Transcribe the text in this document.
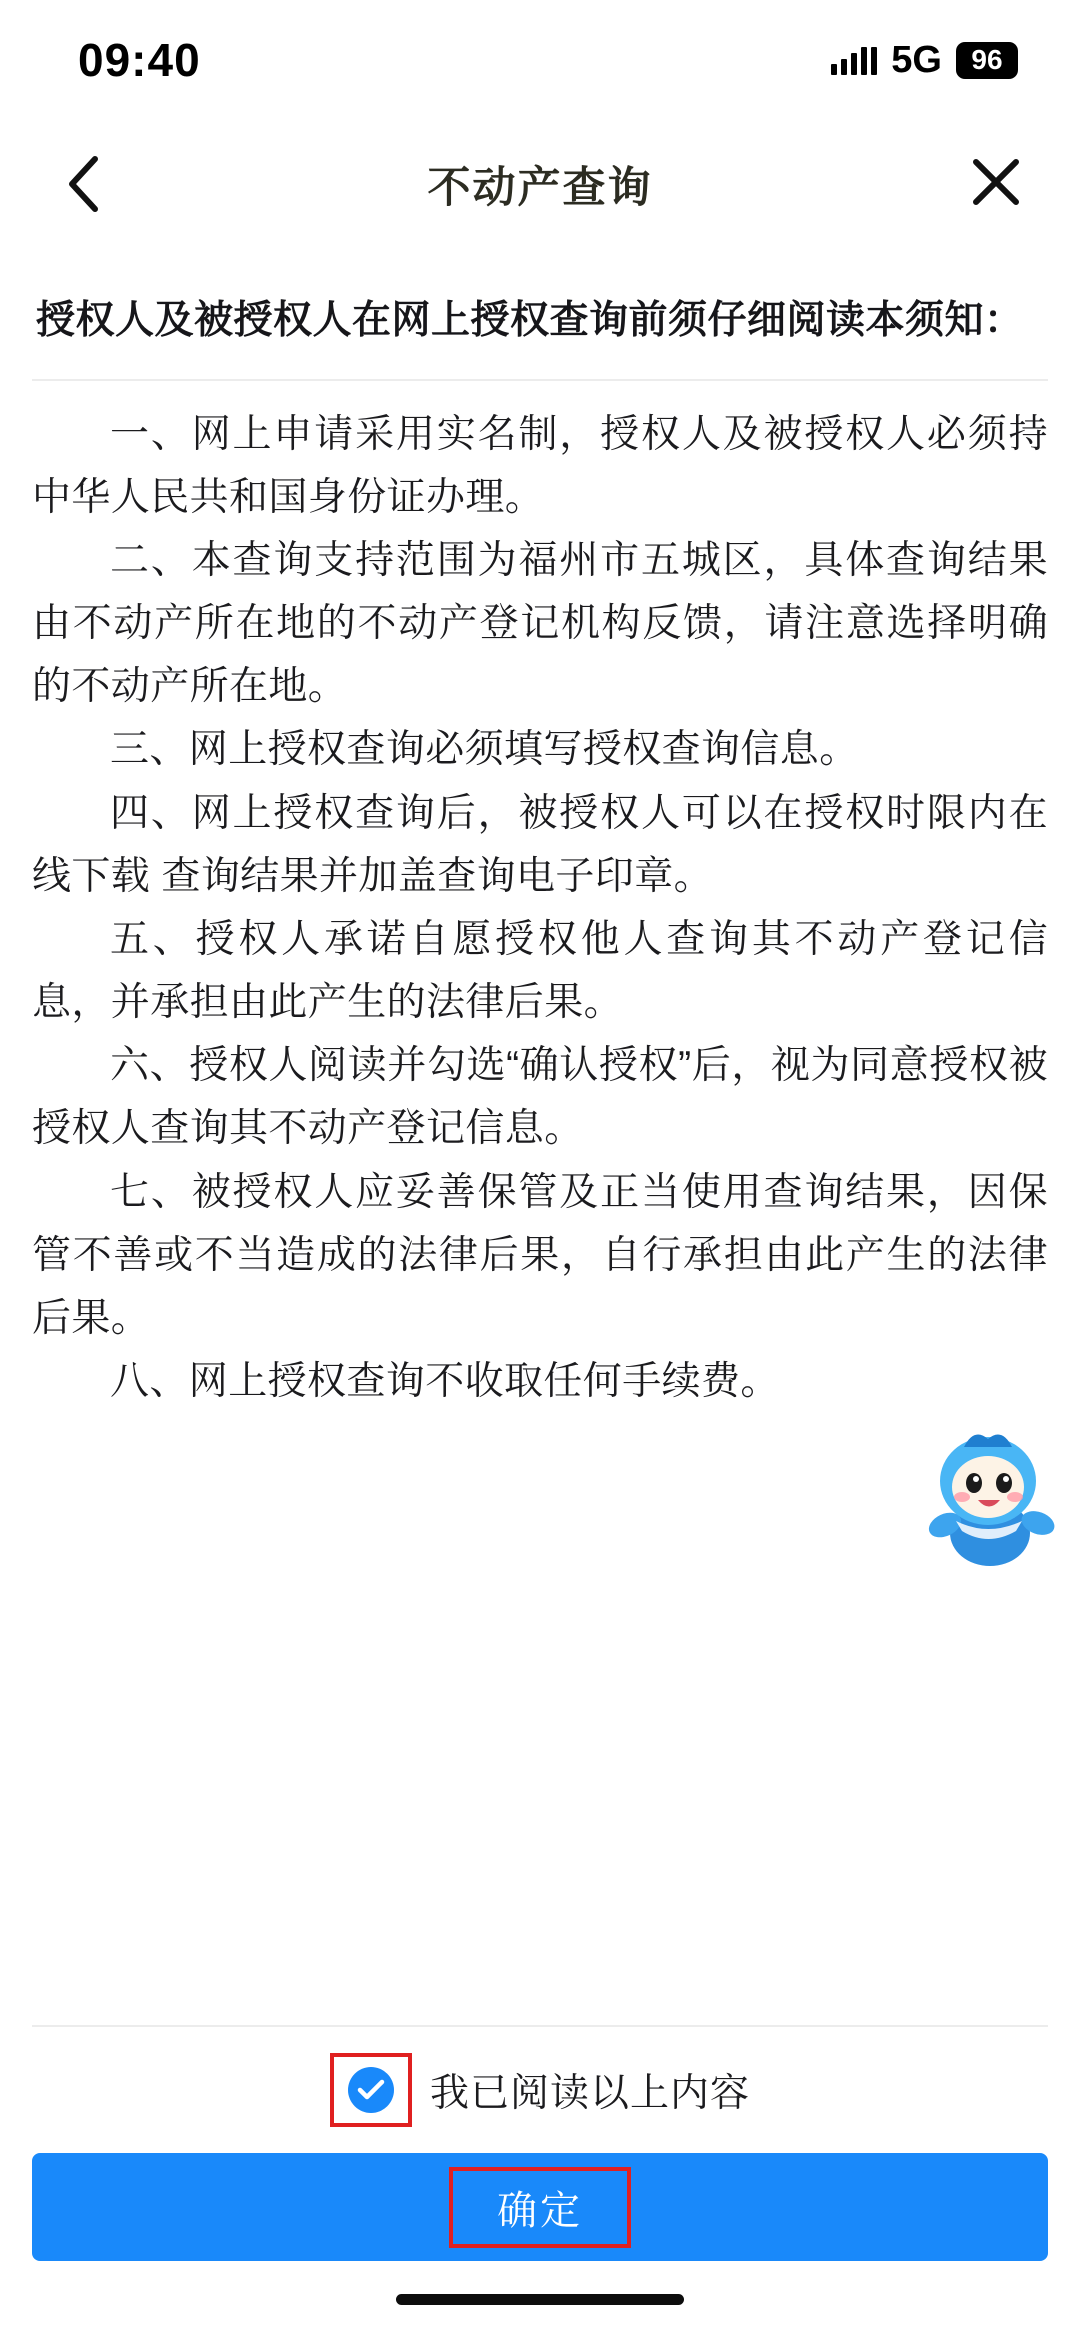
09:40	5G	96
不动产查询
授权人及被授权人在网上授权查询前须仔细阅读本须知：

一、网上申请采用实名制，授权人及被授权人必须持中华人民共和国身份证办理。

二、本查询支持范围为福州市五城区，具体查询结果由不动产所在地的不动产登记机构反馈，请注意选择明确的不动产所在地。

三、网上授权查询必须填写授权查询信息。

四、网上授权查询后，被授权人可以在授权时限内在线下载 查询结果并加盖查询电子印章。

五、授权人承诺自愿授权他人查询其不动产登记信息，并承担由此产生的法律后果。

六、授权人阅读并勾选“确认授权”后，视为同意授权被授权人查询其不动产登记信息。

七、被授权人应妥善保管及正当使用查询结果，因保管不善或不当造成的法律后果，自行承担由此产生的法律后果。

八、网上授权查询不收取任何手续费。

我已阅读以上内容
确定
